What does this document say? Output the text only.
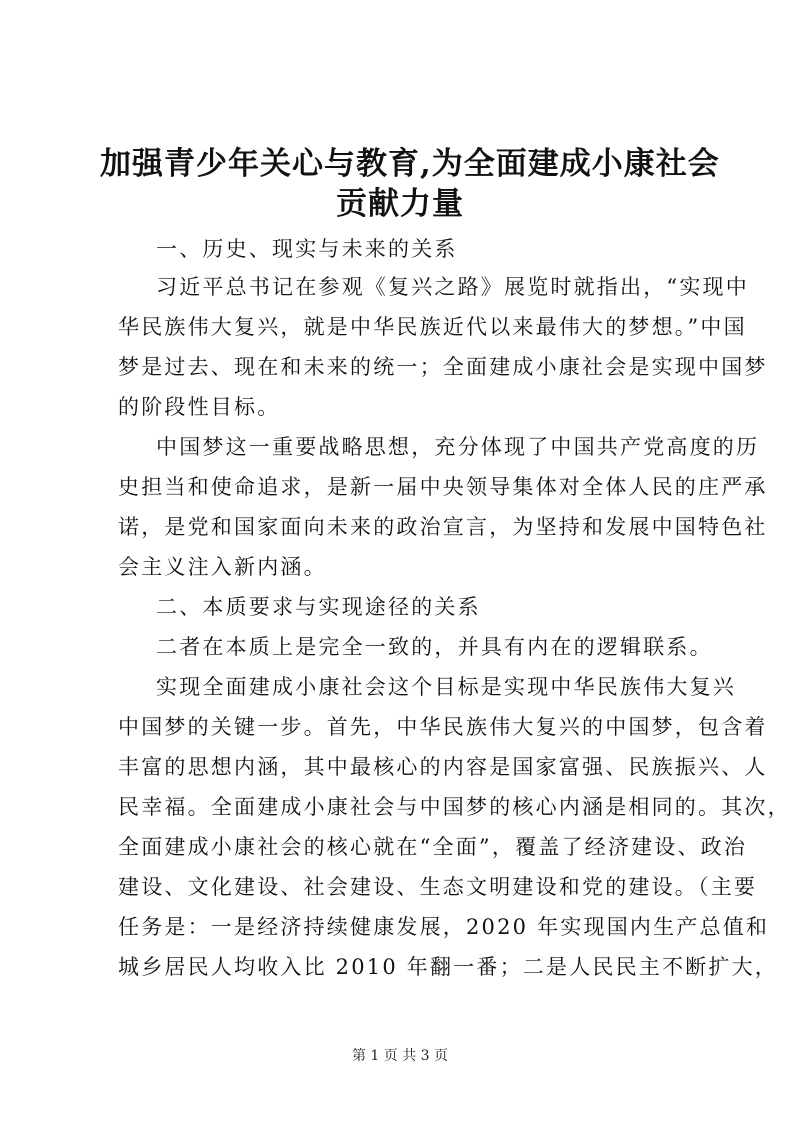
加强青少年关心与教育,为全面建成小康社会
贡献力量
一、历史、现实与未来的关系
习近平总书记在参观《复兴之路》展览时就指出，“实现中
华民族伟大复兴，就是中华民族近代以来最伟大的梦想。”中国
梦是过去、现在和未来的统一；全面建成小康社会是实现中国梦
的阶段性目标。
中国梦这一重要战略思想，充分体现了中国共产党高度的历
史担当和使命追求，是新一届中央领导集体对全体人民的庄严承
诺，是党和国家面向未来的政治宣言，为坚持和发展中国特色社
会主义注入新内涵。
二、本质要求与实现途径的关系
二者在本质上是完全一致的，并具有内在的逻辑联系。
实现全面建成小康社会这个目标是实现中华民族伟大复兴
中国梦的关键一步。首先，中华民族伟大复兴的中国梦，包含着
丰富的思想内涵，其中最核心的内容是国家富强、民族振兴、人
民幸福。全面建成小康社会与中国梦的核心内涵是相同的。其次，
全面建成小康社会的核心就在“全面”，覆盖了经济建设、政治
建设、文化建设、社会建设、生态文明建设和党的建设。（主要
任务是：一是经济持续健康发展，2020 年实现国内生产总值和
城乡居民人均收入比 2010 年翻一番；二是人民民主不断扩大，
第 1 页 共 3 页
